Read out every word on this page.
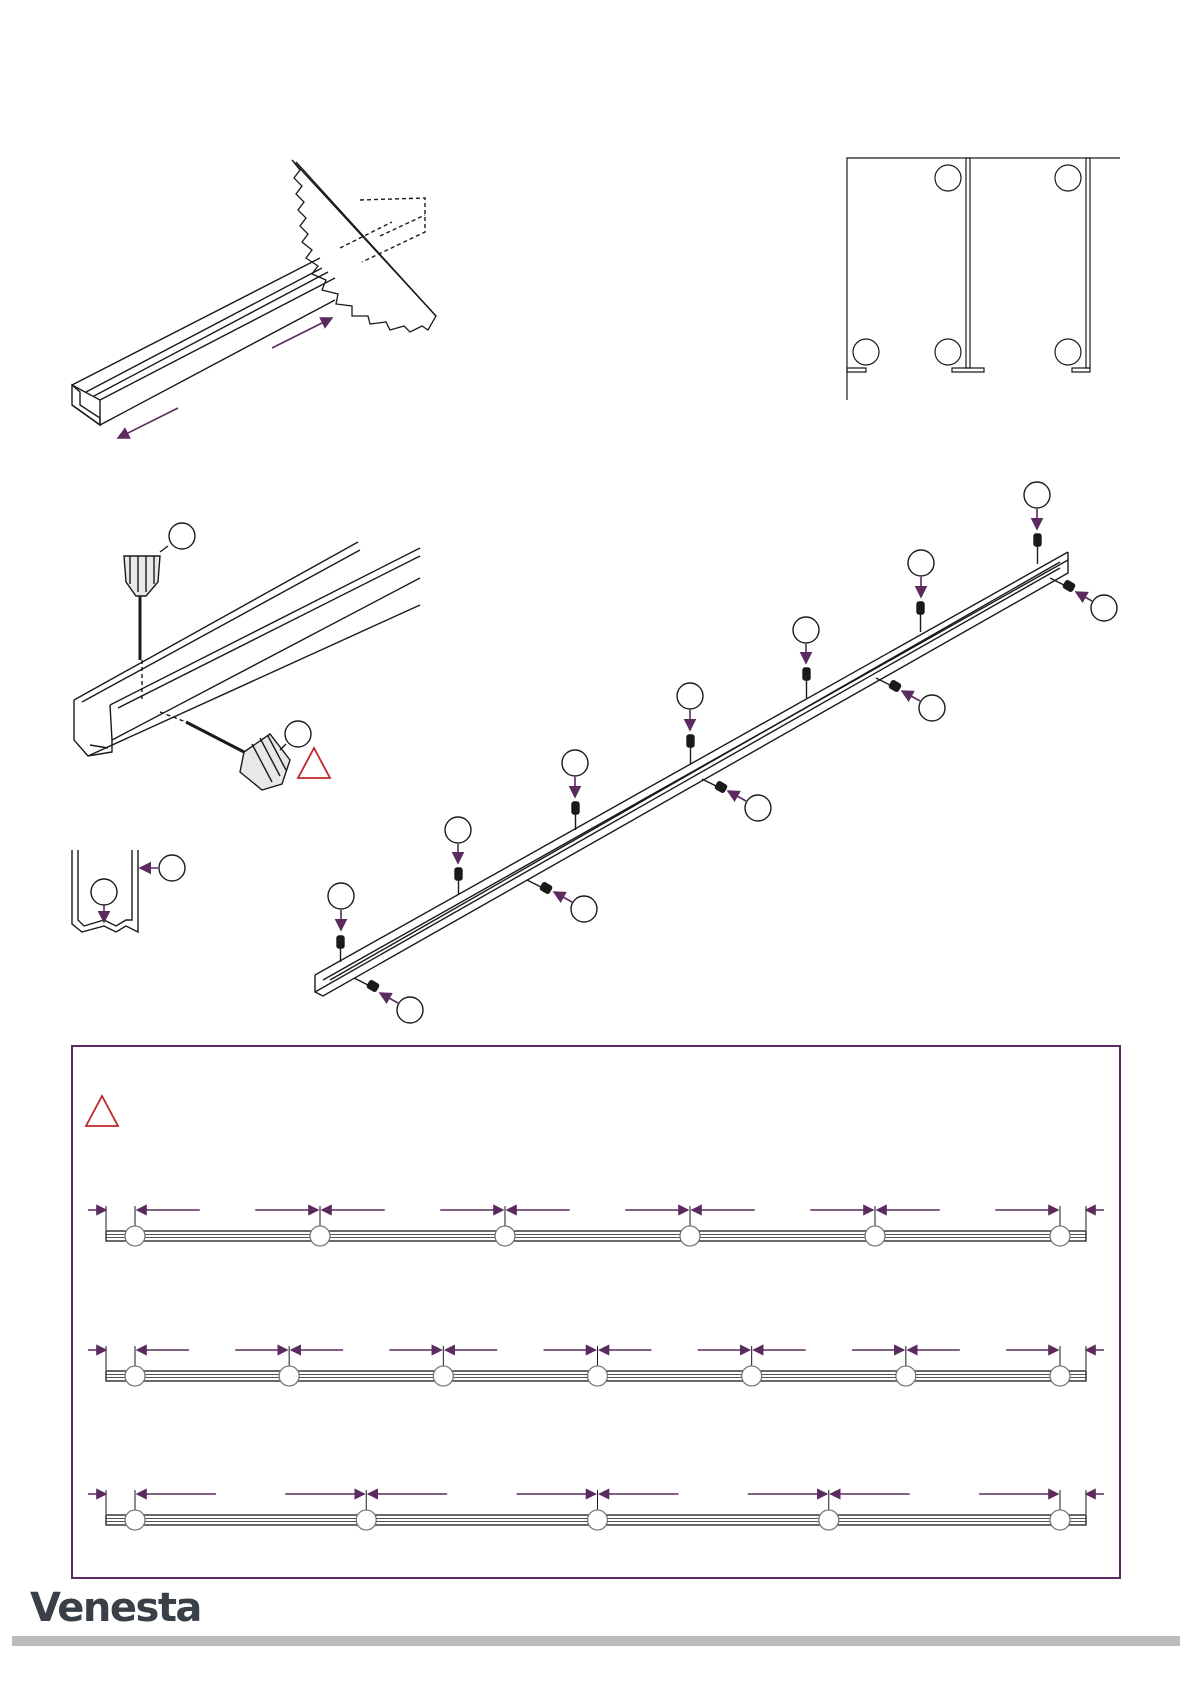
Venesta
